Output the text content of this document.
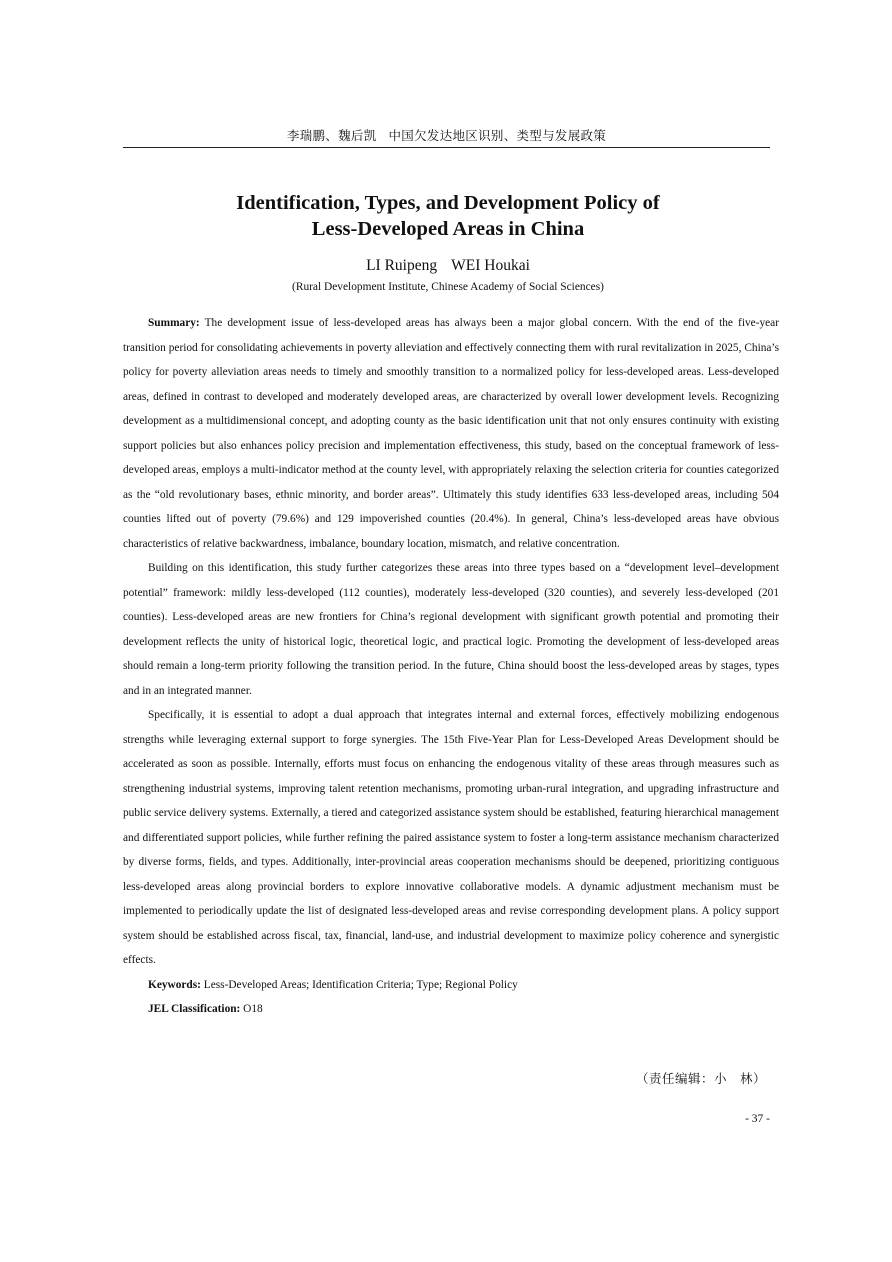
李瑞鹏、魏后凯 中国欠发达地区识别、类型与发展政策
Identification, Types, and Development Policy of
Less-Developed Areas in China
LI Ruipeng WEI Houkai
(Rural Development Institute, Chinese Academy of Social Sciences)

Summary: The development issue of less-developed areas has always been a major global concern. With the end of the five-year transition period for consolidating achievements in poverty alleviation and effectively connecting them with rural revitalization in 2025, China’s policy for poverty alleviation areas needs to timely and smoothly transition to a normalized policy for less-developed areas. Less-developed areas, defined in contrast to developed and moderately developed areas, are characterized by overall lower development levels. Recognizing development as a multidimensional concept, and adopting county as the basic identification unit that not only ensures continuity with existing support policies but also enhances policy precision and implementation effectiveness, this study, based on the conceptual framework of less-developed areas, employs a multi-indicator method at the county level, with appropriately relaxing the selection criteria for counties categorized as the “old revolutionary bases, ethnic minority, and border areas”. Ultimately this study identifies 633 less-developed areas, including 504 counties lifted out of poverty (79.6%) and 129 impoverished counties (20.4%). In general, China’s less-developed areas have obvious characteristics of relative backwardness, imbalance, boundary location, mismatch, and relative concentration.

Building on this identification, this study further categorizes these areas into three types based on a “development level–development potential” framework: mildly less-developed (112 counties), moderately less-developed (320 counties), and severely less-developed (201 counties). Less-developed areas are new frontiers for China’s regional development with significant growth potential and promoting their development reflects the unity of historical logic, theoretical logic, and practical logic. Promoting the development of less-developed areas should remain a long-term priority following the transition period. In the future, China should boost the less-developed areas by stages, types and in an integrated manner.

Specifically, it is essential to adopt a dual approach that integrates internal and external forces, effectively mobilizing endogenous strengths while leveraging external support to forge synergies. The 15th Five-Year Plan for Less-Developed Areas Development should be accelerated as soon as possible. Internally, efforts must focus on enhancing the endogenous vitality of these areas through measures such as strengthening industrial systems, improving talent retention mechanisms, promoting urban-rural integration, and upgrading infrastructure and public service delivery systems. Externally, a tiered and categorized assistance system should be established, featuring hierarchical management and differentiated support policies, while further refining the paired assistance system to foster a long-term assistance mechanism characterized by diverse forms, fields, and types. Additionally, inter-provincial areas cooperation mechanisms should be deepened, prioritizing contiguous less-developed areas along provincial borders to explore innovative collaborative models. A dynamic adjustment mechanism must be implemented to periodically update the list of designated less-developed areas and revise corresponding development plans. A policy support system should be established across fiscal, tax, financial, land-use, and industrial development to maximize policy coherence and synergistic effects.

Keywords: Less-Developed Areas; Identification Criteria; Type; Regional Policy
JEL Classification: O18
（责任编辑：小　林）
- 37 -
